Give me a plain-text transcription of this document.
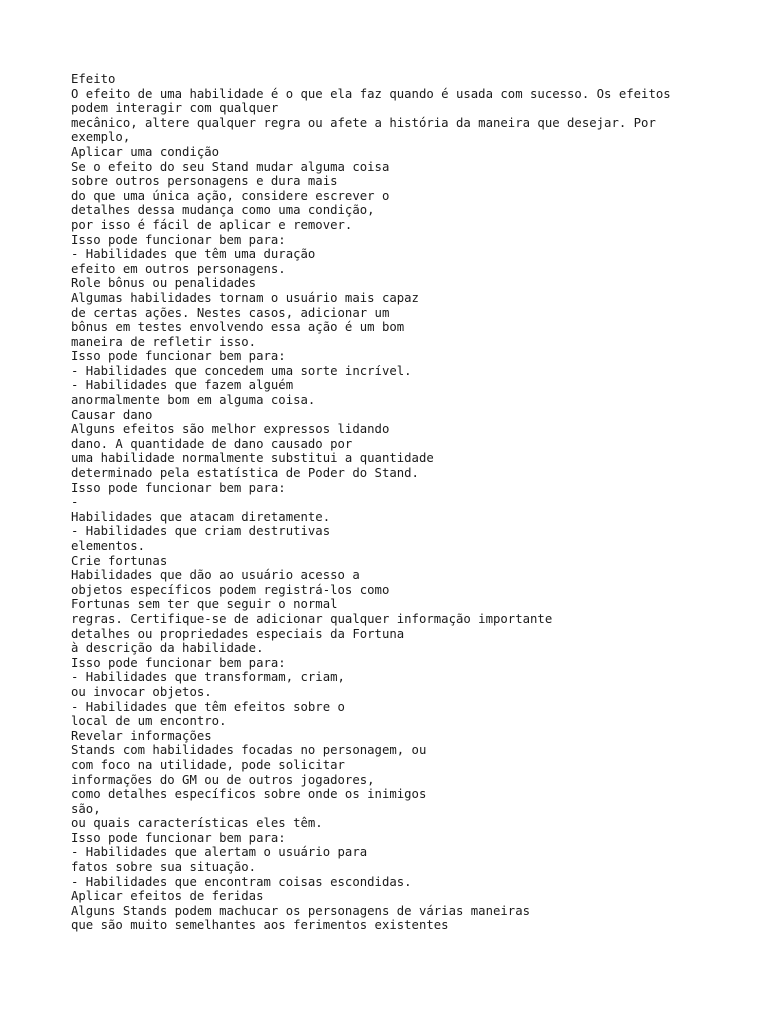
Efeito
O efeito de uma habilidade é o que ela faz quando é usada com sucesso. Os efeitos
podem interagir com qualquer
mecânico, altere qualquer regra ou afete a história da maneira que desejar. Por
exemplo,
Aplicar uma condição
Se o efeito do seu Stand mudar alguma coisa
sobre outros personagens e dura mais
do que uma única ação, considere escrever o
detalhes dessa mudança como uma condição,
por isso é fácil de aplicar e remover.
Isso pode funcionar bem para:
- Habilidades que têm uma duração
efeito em outros personagens.
Role bônus ou penalidades
Algumas habilidades tornam o usuário mais capaz
de certas ações. Nestes casos, adicionar um
bônus em testes envolvendo essa ação é um bom
maneira de refletir isso.
Isso pode funcionar bem para:
- Habilidades que concedem uma sorte incrível.
- Habilidades que fazem alguém
anormalmente bom em alguma coisa.
Causar dano
Alguns efeitos são melhor expressos lidando
dano. A quantidade de dano causado por
uma habilidade normalmente substitui a quantidade
determinado pela estatística de Poder do Stand.
Isso pode funcionar bem para:
-
Habilidades que atacam diretamente.
- Habilidades que criam destrutivas
elementos.
Crie fortunas
Habilidades que dão ao usuário acesso a
objetos específicos podem registrá-los como
Fortunas sem ter que seguir o normal
regras. Certifique-se de adicionar qualquer informação importante
detalhes ou propriedades especiais da Fortuna
à descrição da habilidade.
Isso pode funcionar bem para:
- Habilidades que transformam, criam,
ou invocar objetos.
- Habilidades que têm efeitos sobre o
local de um encontro.
Revelar informações
Stands com habilidades focadas no personagem, ou
com foco na utilidade, pode solicitar
informações do GM ou de outros jogadores,
como detalhes específicos sobre onde os inimigos
são,
ou quais características eles têm.
Isso pode funcionar bem para:
- Habilidades que alertam o usuário para
fatos sobre sua situação.
- Habilidades que encontram coisas escondidas.
Aplicar efeitos de feridas
Alguns Stands podem machucar os personagens de várias maneiras
que são muito semelhantes aos ferimentos existentes
